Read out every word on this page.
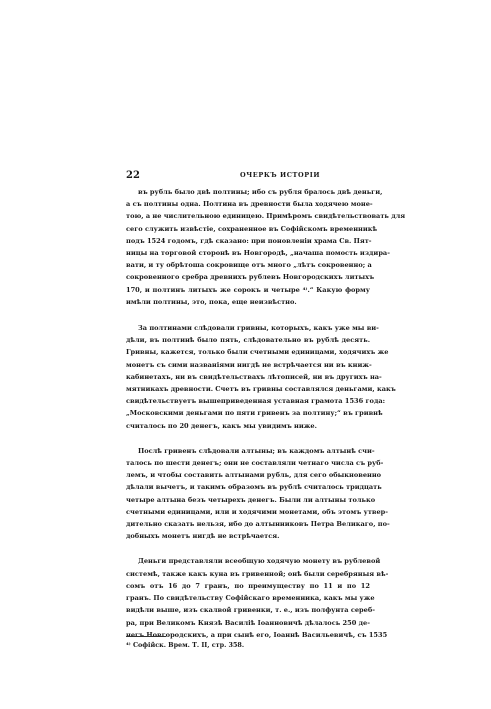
22	ОЧЕРКЪ ИСТОРІИ
въ рубль было двѣ полтины; ибо съ рубля бралось двѣ деньги,
а съ полтины одна. Полтина въ древности была ходячею моне-
тою, а не числительною единицею. Примѣромъ свидѣтельствовать для
сего служить извѣстіе, сохраненное въ Софійскомъ временникѣ
подъ 1524 годомъ, гдѣ сказано: при поновленіи храма Св. Пят-
ницы на торговой сторонѣ въ Новгородѣ, „начаша помость издира-
вати, и ту обрѣтоша сокровище отъ много „лѣтъ сокровенно; а
сокровенного сребра древнихъ рублевъ Новгородскихъ литыхъ
170, и полтинъ литыхъ же сорокъ и четыре ⁴⁾.“ Какую форму
имѣли полтины, это, пока, еще неизвѣстно.
За полтинами слѣдовали гривны, которыхъ, какъ уже мы ви-
дѣли, въ полтинѣ было пять, слѣдовательно въ рублѣ десять.
Гривны, кажется, только были счетными единицами, ходячихъ же
монетъ съ сими названіями нигдѣ не встрѣчается ни въ книж-
кабинетахъ, ни въ свидѣтельствахъ лѣтописей, ни въ другихъ на-
мятникахъ древности. Счетъ въ гривны составлялся деньгами, какъ
свидѣтельствуетъ вышеприведенная уставная грамота 1536 года:
„Московскими деньгами по пяти гривенъ за полтину;“ въ гривнѣ
считалось по 20 денегъ, какъ мы увидимъ ниже.
Послѣ гривенъ слѣдовали алтыны; въ каждомъ алтынѣ счи-
талось по шести денегъ; они не составляли четнаго числа съ руб-
лемъ, и чтобы составить алтынами рубль, для сего обыкновенно
дѣлали вычетъ, и такимъ образомъ въ рублѣ считалось тридцать
четыре алтына безъ четырехъ денегъ. Были ли алтыны только
счетными единицами, или и ходячими монетами, объ этомъ утвер-
дительно сказать нельзя, ибо до алтынниковъ Петра Великаго, по-
добныхъ монетъ нигдѣ не встрѣчается.
Деньги представляли всеобщую ходячую монету въ рублевой
системѣ, также какъ куна въ гривенной; онѣ были серебряныя вѣ-
сомъ отъ 16 до 7 гранъ, по преимуществу по 11 и по 12
гранъ. По свидѣтельству Софійскаго временника, какъ мы уже
видѣли выше, изъ скалвой гривенки, т. е., изъ полфунта сереб-
ра, при Великомъ Князѣ Василіѣ Іоанновичѣ дѣлалось 250 де-
негъ Новгородскихъ, а при сынѣ его, Іоаннѣ Васильевичѣ, съ 1535
⁴⁾ Софійск. Врем. Т. II, стр. 358.
